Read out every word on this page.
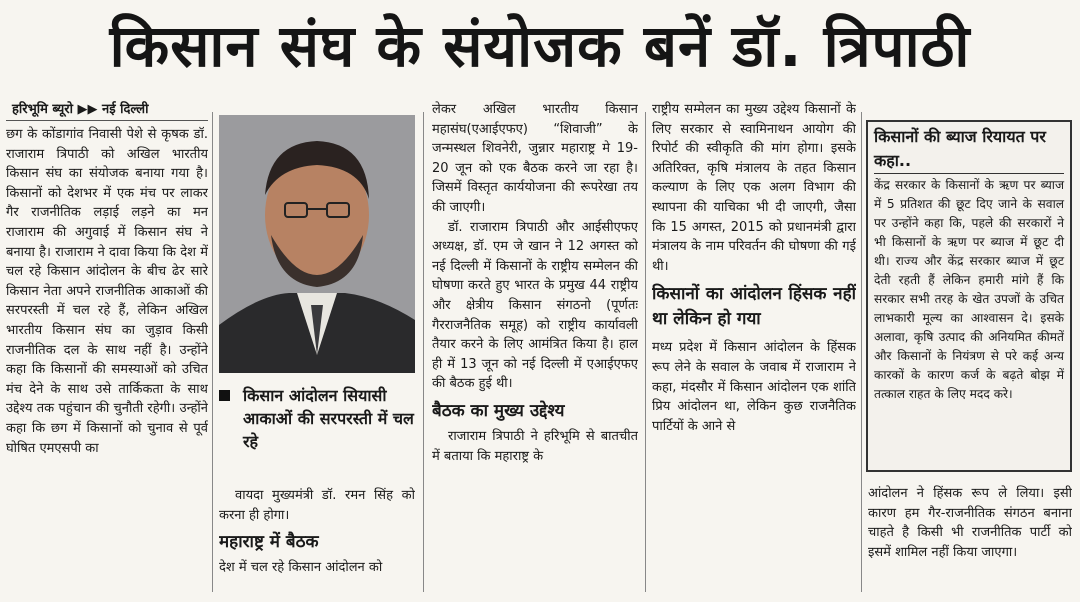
किसान संघ के संयोजक बनें डॉ. त्रिपाठी
हरिभूमि ब्यूरो ▶▶ नई दिल्ली

छग के कोंडागांव निवासी पेशे से कृषक डॉ. राजाराम त्रिपाठी को अखिल भारतीय किसान संघ का संयोजक बनाया गया है। किसानों को देशभर में एक मंच पर लाकर गैर राजनीतिक लड़ाई लड़ने का मन राजाराम की अगुवाई में किसान संघ ने बनाया है। राजाराम ने दावा किया कि देश में चल रहे किसान आंदोलन के बीच ढेर सारे किसान नेता अपने राजनीतिक आकाओं की सरपरस्ती में चल रहे हैं, लेकिन अखिल भारतीय किसान संघ का जुड़ाव किसी राजनीतिक दल के साथ नहीं है। उन्होंने कहा कि किसानों की समस्याओं को उचित मंच देने के साथ उसे तार्किकता के साथ उद्देश्य तक पहुंचान की चुनौती रहेगी। उन्होंने कहा कि छग में किसानों को चुनाव से पूर्व घोषित एमएसपी का

किसान आंदोलन सियासी आकाओं की सरपरस्ती में चल रहे

वायदा मुख्यमंत्री डॉ. रमन सिंह को करना ही होगा।

महाराष्ट्र में बैठक

देश में चल रहे किसान आंदोलन को

लेकर अखिल भारतीय किसान महासंघ(एआईएफए) “शिवाजी” के जन्मस्थल शिवनेरी, जुन्नार महाराष्ट्र मे 19-20 जून को एक बैठक करने जा रहा है। जिसमें विस्तृत कार्ययोजना की रूपरेखा तय की जाएगी।

डॉ. राजाराम त्रिपाठी और आईसीएफए अध्यक्ष, डॉ. एम जे खान ने 12 अगस्त को नई दिल्ली में किसानों के राष्ट्रीय सम्मेलन की घोषणा करते हुए भारत के प्रमुख 44 राष्ट्रीय और क्षेत्रीय किसान संगठनो (पूर्णतः गैरराजनैतिक समूह) को राष्ट्रीय कार्यावली तैयार करने के लिए आमंत्रित किया है। हाल ही में 13 जून को नई दिल्ली में एआईएफए की बैठक हुई थी।

बैठक का मुख्य उद्देश्य

राजाराम त्रिपाठी ने हरिभूमि से बातचीत में बताया कि महाराष्ट्र के

राष्ट्रीय सम्मेलन का मुख्य उद्देश्य किसानों के लिए सरकार से स्वामिनाथन आयोग की रिपोर्ट की स्वीकृति की मांग होगा। इसके अतिरिक्त, कृषि मंत्रालय के तहत किसान कल्याण के लिए एक अलग विभाग की स्थापना की याचिका भी दी जाएगी, जैसा कि 15 अगस्त, 2015 को प्रधानमंत्री द्वारा मंत्रालय के नाम परिवर्तन की घोषणा की गई थी।

किसानों का आंदोलन हिंसक नहीं था लेकिन हो गया

मध्य प्रदेश में किसान आंदोलन के हिंसक रूप लेने के सवाल के जवाब में राजाराम ने कहा, मंदसौर में किसान आंदोलन एक शांति प्रिय आंदोलन था, लेकिन कुछ राजनैतिक पार्टियों के आने से

किसानों की ब्याज रियायत पर कहा..
केंद्र सरकार के किसानों के ऋण पर ब्याज में 5 प्रतिशत की छूट दिए जाने के सवाल पर उन्होंने कहा कि, पहले की सरकारों ने भी किसानों के ऋण पर ब्याज में छूट दी थी। राज्य और केंद्र सरकार ब्याज में छूट देती रहती हैं लेकिन हमारी मांगे हैं कि सरकार सभी तरह के खेत उपजों के उचित लाभकारी मूल्य का आश्वासन दे। इसके अलावा, कृषि उत्पाद की अनियमित कीमतें और किसानों के नियंत्रण से परे कई अन्य कारकों के कारण कर्ज के बढ़ते बोझ में तत्काल राहत के लिए मदद करे।

आंदोलन ने हिंसक रूप ले लिया। इसी कारण हम गैर-राजनीतिक संगठन बनाना चाहते है किसी भी राजनीतिक पार्टी को इसमें शामिल नहीं किया जाएगा।
